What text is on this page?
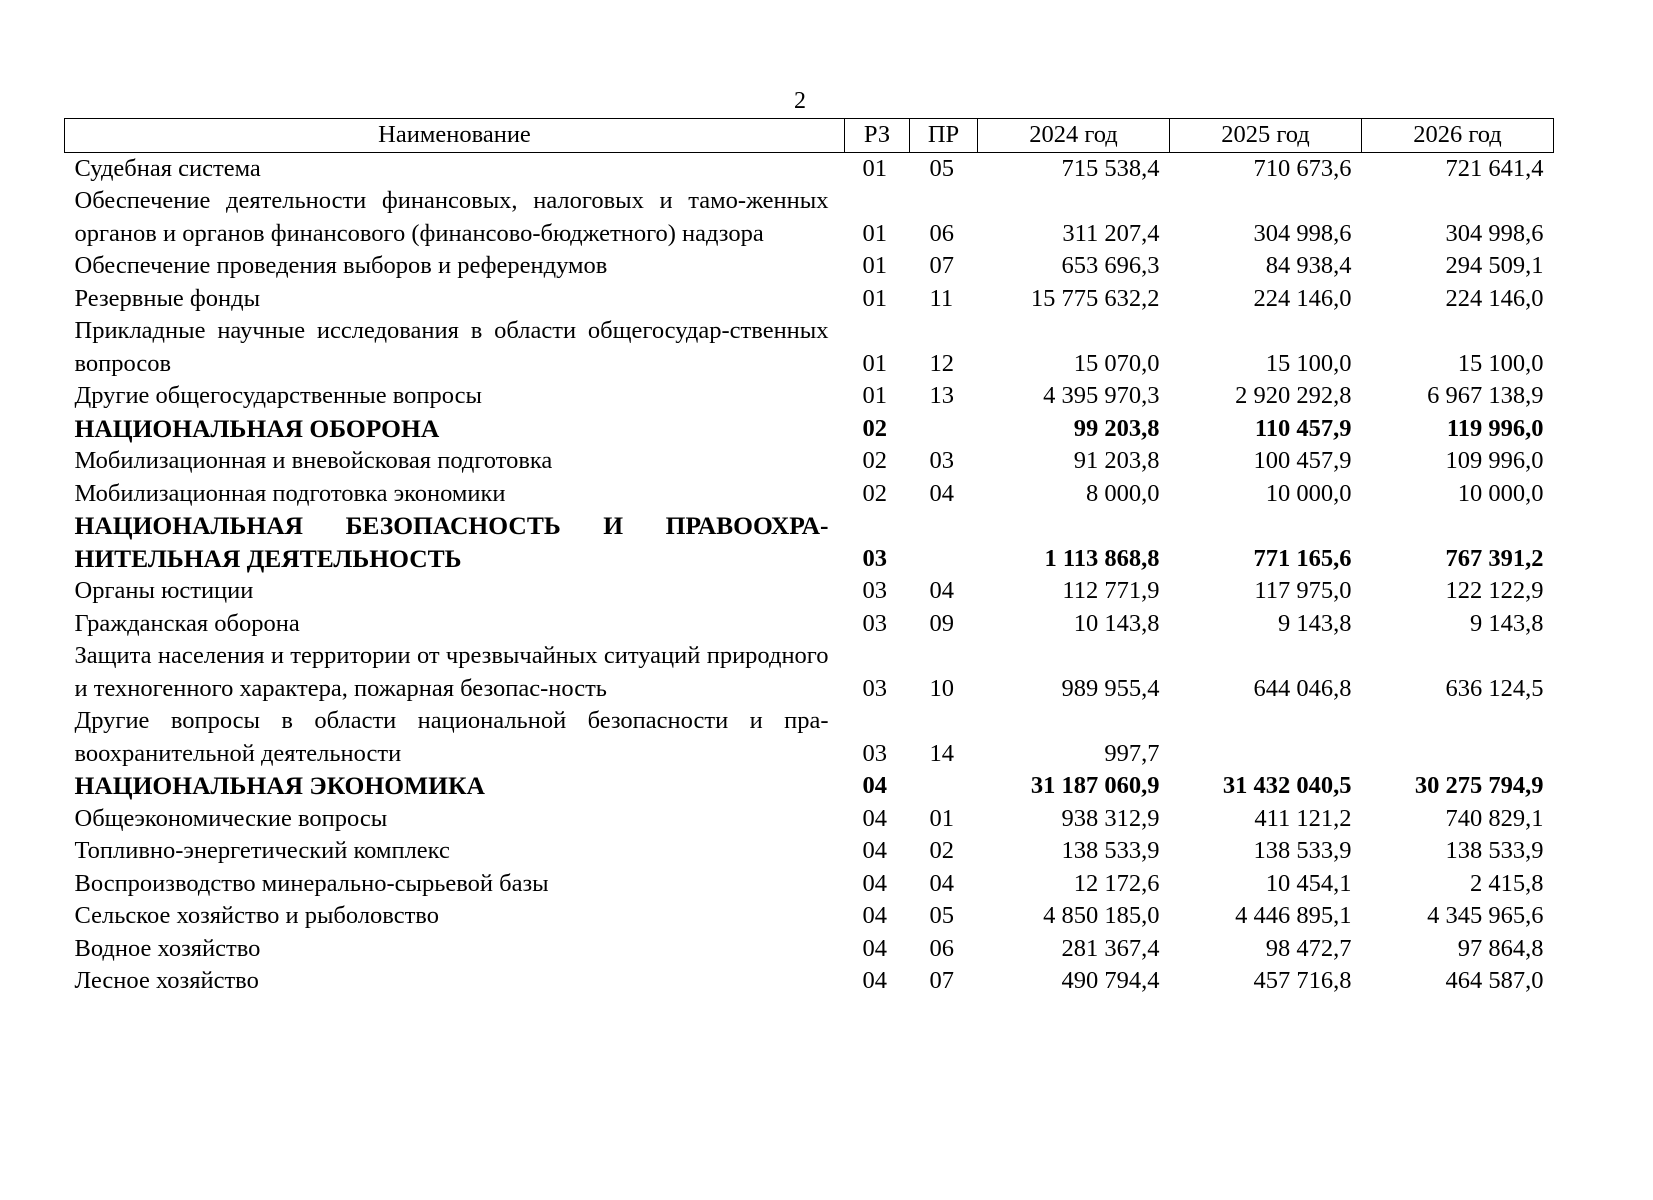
2
Наименование	РЗ	ПР	2024 год	2025 год	2026 год
Судебная система	01	05	715 538,4	710 673,6	721 641,4
Обеспечение деятельности финансовых, налоговых и тамо-женных органов и органов финансового (финансово-бюджетного) надзора	01	06	311 207,4	304 998,6	304 998,6
Обеспечение проведения выборов и референдумов	01	07	653 696,3	84 938,4	294 509,1
Резервные фонды	01	11	15 775 632,2	224 146,0	224 146,0
Прикладные научные исследования в области общегосудар-ственных вопросов	01	12	15 070,0	15 100,0	15 100,0
Другие общегосударственные вопросы	01	13	4 395 970,3	2 920 292,8	6 967 138,9
НАЦИОНАЛЬНАЯ ОБОРОНА	02		99 203,8	110 457,9	119 996,0
Мобилизационная и вневойсковая подготовка	02	03	91 203,8	100 457,9	109 996,0
Мобилизационная подготовка экономики	02	04	8 000,0	10 000,0	10 000,0
НАЦИОНАЛЬНАЯ БЕЗОПАСНОСТЬ И ПРАВООХРА-НИТЕЛЬНАЯ ДЕЯТЕЛЬНОСТЬ	03		1 113 868,8	771 165,6	767 391,2
Органы юстиции	03	04	112 771,9	117 975,0	122 122,9
Гражданская оборона	03	09	10 143,8	9 143,8	9 143,8
Защита населения и территории от чрезвычайных ситуаций природного и техногенного характера, пожарная безопас-ность	03	10	989 955,4	644 046,8	636 124,5
Другие вопросы в области национальной безопасности и пра-воохранительной деятельности	03	14	997,7		
НАЦИОНАЛЬНАЯ ЭКОНОМИКА	04		31 187 060,9	31 432 040,5	30 275 794,9
Общеэкономические вопросы	04	01	938 312,9	411 121,2	740 829,1
Топливно-энергетический комплекс	04	02	138 533,9	138 533,9	138 533,9
Воспроизводство минерально-сырьевой базы	04	04	12 172,6	10 454,1	2 415,8
Сельское хозяйство и рыболовство	04	05	4 850 185,0	4 446 895,1	4 345 965,6
Водное хозяйство	04	06	281 367,4	98 472,7	97 864,8
Лесное хозяйство	04	07	490 794,4	457 716,8	464 587,0
